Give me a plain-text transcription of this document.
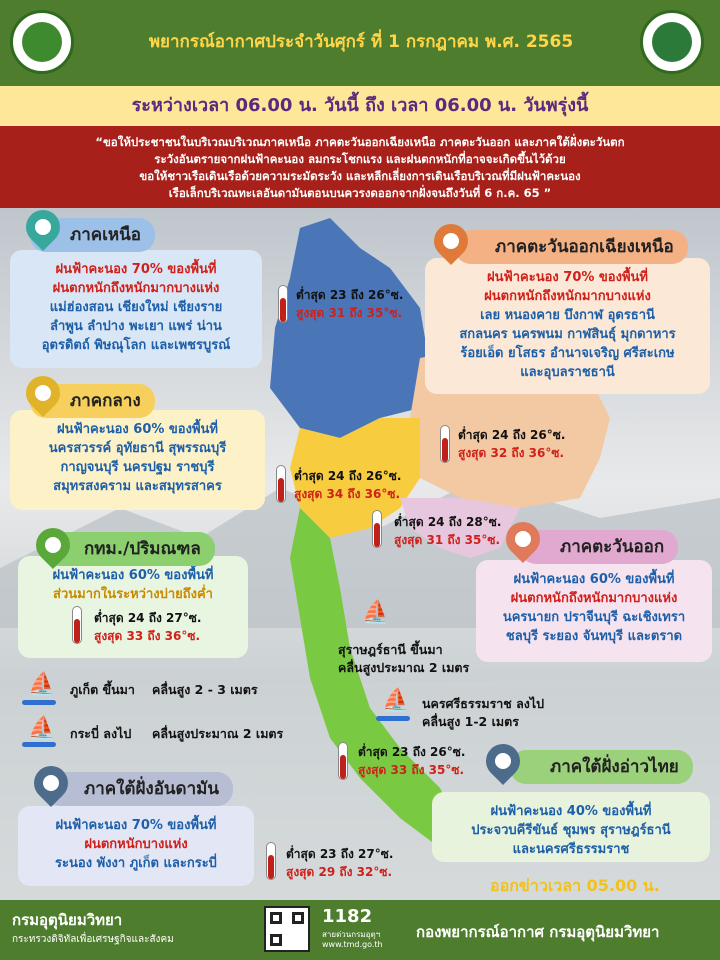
พยากรณ์อากาศประจำวันศุกร์ ที่ 1 กรกฎาคม พ.ศ. 2565
ระหว่างเวลา 06.00 น. วันนี้ ถึง เวลา 06.00 น. วันพรุ่งนี้

“ขอให้ประชาชนในบริเวณบริเวณภาคเหนือ ภาคตะวันออกเฉียงเหนือ ภาคตะวันออก และภาคใต้ฝั่งตะวันตก

ระวังอันตรายจากฝนฟ้าคะนอง ลมกระโชกแรง และฝนตกหนักที่อาจจะเกิดขึ้นไว้ด้วย

ขอให้ชาวเรือเดินเรือด้วยความระมัดระวัง และหลีกเลี่ยงการเดินเรือบริเวณที่มีฝนฟ้าคะนอง

เรือเล็กบริเวณทะเลอันดามันตอนบนควรงดออกจากฝั่งจนถึงวันที่ 6 ก.ค. 65 ”

ฝนฟ้าคะนอง 70% ของพื้นที่
ฝนตกหนักถึงหนักมากบางแห่ง
แม่ฮ่องสอน เชียงใหม่ เชียงราย
ลำพูน ลำปาง พะเยา แพร่ น่าน
อุตรดิตถ์ พิษณุโลก และเพชรบูรณ์
ภาคเหนือ
ต่ำสุด 23 ถึง 26°ซ.
สูงสุด 31 ถึง 35°ซ.
ฝนฟ้าคะนอง 70% ของพื้นที่
ฝนตกหนักถึงหนักมากบางแห่ง
เลย หนองคาย บึงกาฬ อุดรธานี
สกลนคร นครพนม กาฬสินธุ์ มุกดาหาร
ร้อยเอ็ด ยโสธร อำนาจเจริญ ศรีสะเกษ
และอุบลราชธานี
ภาคตะวันออกเฉียงเหนือ
ต่ำสุด 24 ถึง 26°ซ.
สูงสุด 32 ถึง 36°ซ.
ฝนฟ้าคะนอง 60% ของพื้นที่
นครสวรรค์ อุทัยธานี สุพรรณบุรี
กาญจนบุรี นครปฐม ราชบุรี
สมุทรสงคราม และสมุทรสาคร
ภาคกลาง
ต่ำสุด 24 ถึง 26°ซ.
สูงสุด 34 ถึง 36°ซ.
ต่ำสุด 24 ถึง 28°ซ.
สูงสุด 31 ถึง 35°ซ.
ฝนฟ้าคะนอง 60% ของพื้นที่
ส่วนมากในระหว่างบ่ายถึงค่ำ
กทม./ปริมณฑล
ต่ำสุด 24 ถึง 27°ซ.
สูงสุด 33 ถึง 36°ซ.
ฝนฟ้าคะนอง 60% ของพื้นที่
ฝนตกหนักถึงหนักมากบางแห่ง
นครนายก ปราจีนบุรี ฉะเชิงเทรา
ชลบุรี ระยอง จันทบุรี และตราด
ภาคตะวันออก
⛵
สุราษฎร์ธานี ขึ้นมา
คลื่นสูงประมาณ 2 เมตร
⛵ นครศรีธรรมราช ลงไป
คลื่นสูง 1-2 เมตร
⛵ ภูเก็ต ขึ้นมา คลื่นสูง 2 - 3 เมตร
⛵ กระบี่ ลงไป คลื่นสูงประมาณ 2 เมตร
ต่ำสุด 23 ถึง 26°ซ.
สูงสุด 33 ถึง 35°ซ.
ฝนฟ้าคะนอง 40% ของพื้นที่
ประจวบคีรีขันธ์ ชุมพร สุราษฎร์ธานี
และนครศรีธรรมราช
ภาคใต้ฝั่งอ่าวไทย
ฝนฟ้าคะนอง 70% ของพื้นที่
ฝนตกหนักบางแห่ง
ระนอง พังงา ภูเก็ต และกระบี่
ภาคใต้ฝั่งอันดามัน
ต่ำสุด 23 ถึง 27°ซ.
สูงสุด 29 ถึง 32°ซ.
ออกข่าวเวลา 05.00 น.
กรมอุตุนิยมวิทยา
กระทรวงดิจิทัลเพื่อเศรษฐกิจและสังคม
1182
สายด่วนกรมอุตุฯ
www.tmd.go.th
กองพยากรณ์อากาศ กรมอุตุนิยมวิทยา
